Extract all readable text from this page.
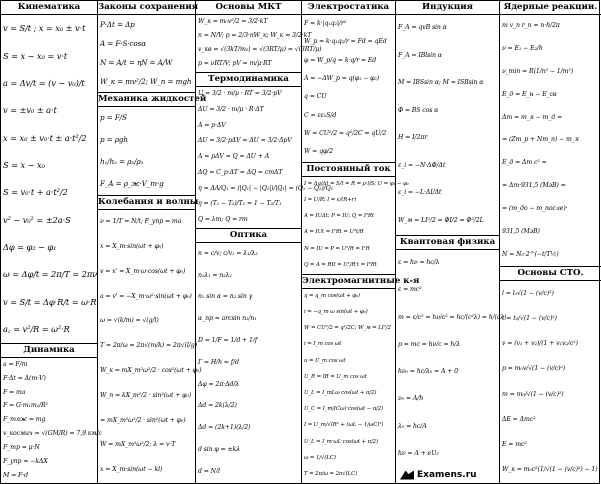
Кинематика
v = S/t ; x = x₀ ± v·t
S = x − x₀ = v·t
a = Δv/t = (v − v₀)/t
v = ±v₀ ± a·t
x = x₀ ± v₀·t ± a·t²/2
S = x − x₀
S = v₀·t + a·t²/2
v² − v₀² = ±2a·S
Δφ = φ₂ − φ₁
ω = Δφ/t = 2π/T = 2πν
v = S/t = Δφ·R/t = ω·R
a꜀ = v²/R = ω²·R
Динамика
a = F/m
F·Δt = Δ(m·V)
F = ma
F = G·m₁m₂/R²
F_тяж = mg
v_космич = √(GM/R) = 7,9 км/с
F_тр = μ·N
F_упр = −kΔX
M = F·d
Законы сохранения
P·Δt = Δp
A = F·S·cosα
N = A/t = ηN = A/W
W_к = mv²/2; W_п = mgh
Механика жидкостей
p = F/S
p = ρgh
h₁/h₂ = ρ₂/ρ₁
F_A = ρ_ж·V_т·g
Колебания и волны
ν = 1/T = N/t; F_упр = ma
x = X_m·sin(ωt + φ₀)
v = x' = X_m·ω·cos(ωt + φ₀)
a = v' = −X_m·ω²·sin(ωt + φ₀)
ω = √(k/m) = √(g/l)
T = 2π/ω = 2π√(m/k) = 2π√(l/g)
W_к = mX_m²ω²/2 · cos²(ωt + φ₀)
W_п = kX_m²/2 · sin²(ωt + φ₀)
= mX_m²ω²/2 · sin²(ωt + φ₀)
W = mX_m²ω²/2; λ = v·T
x = X_m·sin(ωt − kl)
Основы МКТ
W_к = m₀v²/2 = 3/2·kT
n = N/V; p = 2/3·nW_к; W_к = 3/2·kT
v_кв = √(3kT/m₀) = √(3RT/μ) = √(3RT/μ)
p = νRT/V; pV = m/μ·RT
Термодинамика
U = 3/2 · m/μ · RT = 3/2·pV
ΔU = 3/2 · m/μ · R·ΔT
A = p·ΔV
ΔU = 3/2·pΔV = ΔU = 3/2·ΔpV
A = pΔV = Q = ΔU + A
ΔQ = C_р·ΔT = ΔQ = cmΔT
η = ΔA/Q₁ = (|Q₁| − |Q₂|)/|Q₁| = (Q₁ − Q₂)/Q₁
η = (T₁ − T₂)/T₁ = 1 − T₂/T₁
Q = λm; Q = rm
Оптика
n = c/v; c/v₁ = λ₁/λ₂
n₁λ₁ = n₂λ₂
n₁ sin α = n₂ sin γ
α_пр = arcsin n₂/n₁
D = 1/F = 1/d + 1/f
Г = H/h = f/d
Δφ = 2π·Δd/λ
Δd = 2k(λ/2)
Δd = (2k+1)(λ/2)
d sin φ = ±kλ
d = N/l
Электростатика
F = k·|q₁q₂|/r²
W_p = k·q₁q₂/r = Fd = qEd
φ = W_p/q = k·q/r = Ed
A = −ΔW_p = q(φ₁ − φ₂)
q = CU
C = εε₀S/d
W = CU²/2 = q²/2C = qU/2
W = qφ/2
Постоянный ток
I = Δq/Δt = S/t = R = ρ·l/S; U = φ₁ − φ₂
I = U/R; I = ε/(R+r)
A = IUΔt; P = IU; Q = I²Rt
A = IUt = I²Rt = U²t/R
N = IU = P = U²/R = I²R
Q = A = RIt = U²/R·t = I²Rt
Электромагнитные к-я
q = q_m cos(ωt + φ₀)
i = −q_m ω sin(ωt + φ₀)
W = CU²/2 = q²/2C; W_м = LI²/2
i = I_m cos ωt
u = U_m cos ωt
U_R = IR = U_m cos ωt
U_L = I_mLω cos(ωt + π/2)
U_C = I_m/(Cω)·cos(ωt − π/2)
I = U_m/√(R² + (ωL − 1/ωC)²)
U_L = I_m·ωL·cos(ωt + π/2)
ω = 1/√(LC)
T = 2π/ω = 2π√(LC)
Индукция
F_A = qvB sin α
F_A = IBlsin α
M = IBSsin α; M = ISBsin α
Φ = BS cos α
H = I/2πr
ε_i = −N·ΔΦ/Δt
ε_i = −L·ΔI/Δt
W_м = LI²/2 = ΦI/2 = Φ²/2L
Квантовая физика
ε = hν = hc/λ
ε = mc²
m = ε/c² = hν/c² = hc/(c²λ) = h/(cλ)
p = mc = hν/c = h/λ
hν₀ = hc/λ₀ = A + 0
ν₀ = A/h
λ₀ = hc/A
hν = A + eU₃
Examens.ru
Ядерные реакции.
m v_n r_n = n·h/2π
ν = E₁ − E₂/h
ν_min = R(1/n² − 1/m²)
E_д = E_н − E_св
Δm = m_я − m_д =
= (Zm_р + Nm_n) − m_я
E_д = Δm c² =
= Δm·931,5 (МэВ) =
= (m_до − m_после)·
931,5 (МэВ)
N = N₀·2^(−t/T½)
Основы СТО.
l = l₀√(1 − (v/c)²)
t = t₀/√(1 − (v/c)²)
v = (v₁ + v₂)/(1 + v₁v₂/c²)
p = m₀v/√(1 − (v/c)²)
m = m₀/√(1 − (v/c)²)
ΔE = Δmc²
E = mc²
W_к = m₀c²(1/√(1 − (v/c)²) − 1)
